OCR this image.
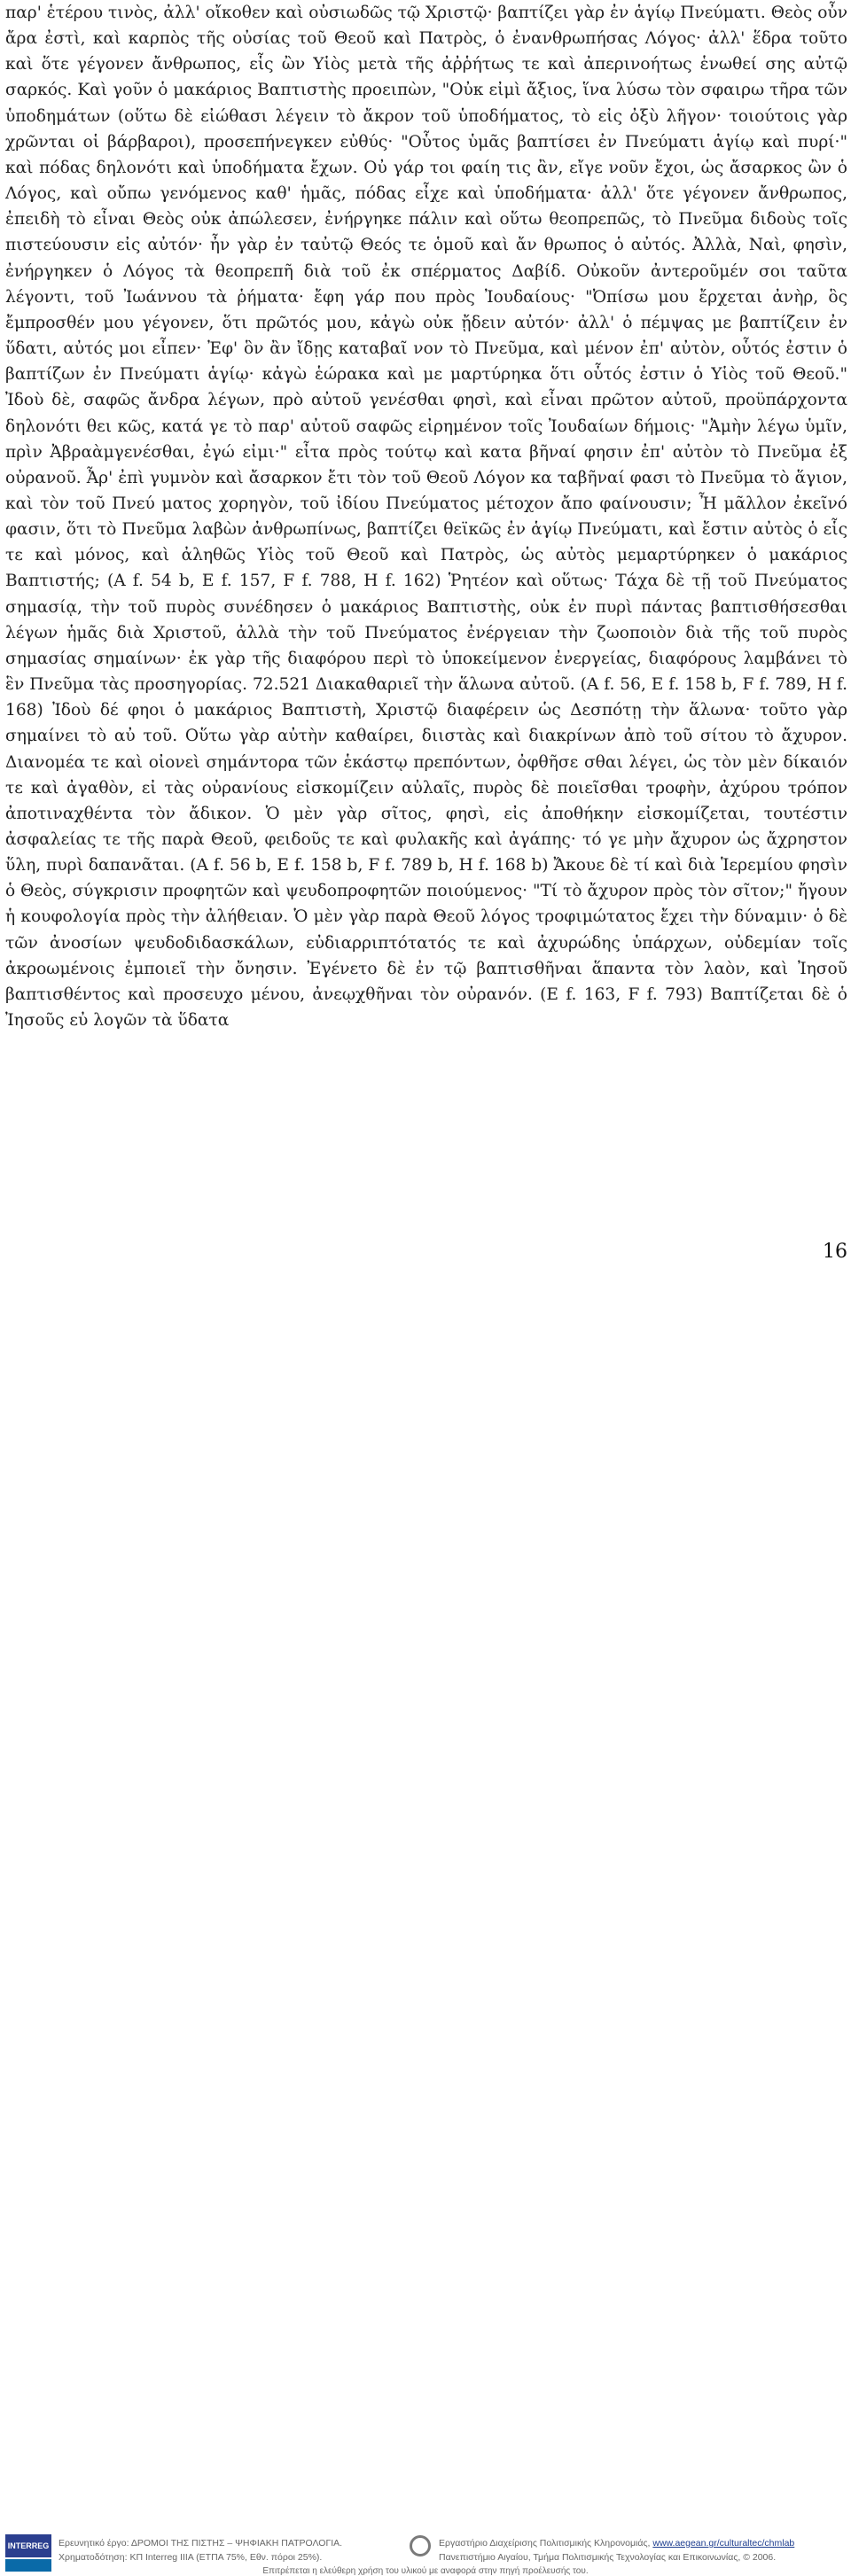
παρ' ἑτέρου τινὸς, ἀλλ' οἴκοθεν καὶ οὐσιωδῶς τῷ Χριστῷ· βαπτίζει γὰρ ἐν ἁγίῳ Πνεύματι. Θεὸς οὖν ἄρα ἐστὶ, καὶ καρπὸς τῆς οὐσίας τοῦ Θεοῦ καὶ Πατρὸς, ὁ ἐνανθρωπήσας Λόγος· ἀλλ' ἕδρα τοῦτο καὶ ὅτε γέγονεν ἄνθρωπος, εἷς ὢν Υἱὸς μετὰ τῆς ἀῤῥήτως τε καὶ ἀπερινοήτως ἑνωθεί σης αὐτῷ σαρκός. Καὶ γοῦν ὁ μακάριος Βαπτιστὴς προειπὼν, "Οὐκ εἰμὶ ἄξιος, ἵνα λύσω τὸν σφαιρω τῆρα τῶν ὑποδημάτων (οὕτω δὲ εἰώθασι λέγειν τὸ ἄκρον τοῦ ὑποδήματος, τὸ εἰς ὀξὺ λῆγον· τοιούτοις γὰρ χρῶνται οἱ βάρβαροι), προσεπήνεγκεν εὐθύς· "Οὗτος ὑμᾶς βαπτίσει ἐν Πνεύματι ἁγίῳ καὶ πυρί·" καὶ πόδας δηλονότι καὶ ὑποδήματα ἔχων. Οὐ γάρ τοι φαίη τις ἂν, εἴγε νοῦν ἔχοι, ὡς ἄσαρκος ὢν ὁ Λόγος, καὶ οὔπω γενόμενος καθ' ἡμᾶς, πόδας εἶχε καὶ ὑποδήματα· ἀλλ' ὅτε γέγονεν ἄνθρωπος, ἐπειδὴ τὸ εἶναι Θεὸς οὐκ ἀπώλεσεν, ἐνήργηκε πάλιν καὶ οὕτω θεοπρεπῶς, τὸ Πνεῦμα διδοὺς τοῖς πιστεύουσιν εἰς αὐτόν· ἦν γὰρ ἐν ταὐτῷ Θεός τε ὁμοῦ καὶ ἄν θρωπος ὁ αὐτός. Ἀλλὰ, Ναὶ, φησὶν, ἐνήργηκεν ὁ Λόγος τὰ θεοπρεπῆ διὰ τοῦ ἐκ σπέρματος Δαβίδ. Οὐκοῦν ἀντεροῦμέν σοι ταῦτα λέγοντι, τοῦ Ἰωάννου τὰ ῥήματα· ἔφη γάρ που πρὸς Ἰουδαίους· "Ὀπίσω μου ἔρχεται ἀνὴρ, ὃς ἔμπροσθέν μου γέγονεν, ὅτι πρῶτός μου, κἀγὼ οὐκ ᾔδειν αὐτόν· ἀλλ' ὁ πέμψας με βαπτίζειν ἐν ὕδατι, αὐτός μοι εἶπεν· Ἐφ' ὃν ἂν ἴδῃς καταβαῖ νον τὸ Πνεῦμα, καὶ μένον ἐπ' αὐτὸν, οὗτός ἐστιν ὁ βαπτίζων ἐν Πνεύματι ἁγίῳ· κἀγὼ ἑώρακα καὶ με μαρτύρηκα ὅτι οὗτός ἐστιν ὁ Υἱὸς τοῦ Θεοῦ." Ἰδοὺ δὲ, σαφῶς ἄνδρα λέγων, πρὸ αὐτοῦ γενέσθαι φησὶ, καὶ εἶναι πρῶτον αὐτοῦ, προϋπάρχοντα δηλονότι θει κῶς, κατά γε τὸ παρ' αὐτοῦ σαφῶς εἰρημένον τοῖς Ἰουδαίων δήμοις· "Ἀμὴν λέγω ὑμῖν, πρὶν Ἀβραὰμγενέσθαι, ἐγώ εἰμι·" εἶτα πρὸς τούτῳ καὶ κατα βῆναί φησιν ἐπ' αὐτὸν τὸ Πνεῦμα ἐξ οὐρανοῦ. Ἆρ' ἐπὶ γυμνὸν καὶ ἄσαρκον ἔτι τὸν τοῦ Θεοῦ Λόγον κα ταβῆναί φασι τὸ Πνεῦμα τὸ ἅγιον, καὶ τὸν τοῦ Πνεύ ματος χορηγὸν, τοῦ ἰδίου Πνεύματος μέτοχον ἄπο φαίνουσιν; Ἦ μᾶλλον ἐκεῖνό φασιν, ὅτι τὸ Πνεῦμα λαβὼν ἀνθρωπίνως, βαπτίζει θεϊκῶς ἐν ἁγίῳ Πνεύματι, καὶ ἔστιν αὐτὸς ὁ εἷς τε καὶ μόνος, καὶ ἀληθῶς Υἱὸς τοῦ Θεοῦ καὶ Πατρὸς, ὡς αὐτὸς μεμαρτύρηκεν ὁ μακάριος Βαπτιστής; (A f. 54 b, E f. 157, F f. 788, H f. 162) Ῥητέον καὶ οὕτως· Τάχα δὲ τῇ τοῦ Πνεύματος σημασίᾳ, τὴν τοῦ πυρὸς συνέδησεν ὁ μακάριος Βαπτιστὴς, οὐκ ἐν πυρὶ πάντας βαπτισθήσεσθαι λέγων ἡμᾶς διὰ Χριστοῦ, ἀλλὰ τὴν τοῦ Πνεύματος ἐνέργειαν τὴν ζωοποιὸν διὰ τῆς τοῦ πυρὸς σημασίας σημαίνων· ἐκ γὰρ τῆς διαφόρου περὶ τὸ ὑποκείμενον ἐνεργείας, διαφόρους λαμβάνει τὸ ἓν Πνεῦμα τὰς προσηγορίας. 72.521 Διακαθαριεῖ τὴν ἅλωνα αὐτοῦ. (A f. 56, E f. 158 b, F f. 789, H f. 168) Ἰδοὺ δέ φηοι ὁ μακάριος Βαπτιστὴ, Χριστῷ διαφέρειν ὡς Δεσπότῃ τὴν ἅλωνα· τοῦτο γὰρ σημαίνει τὸ αὐ τοῦ. Οὕτω γὰρ αὐτὴν καθαίρει, διιστὰς καὶ διακρίνων ἀπὸ τοῦ σίτου τὸ ἄχυρον. Διανομέα τε καὶ οἰονεὶ σημάντορα τῶν ἑκάστῳ πρεπόντων, ὀφθῆσε σθαι λέγει, ὡς τὸν μὲν δίκαιόν τε καὶ ἀγαθὸν, εἰ τὰς οὐρανίους εἰσκομίζειν αὐλαῖς, πυρὸς δὲ ποιεῖσθαι τροφὴν, ἀχύρου τρόπον ἀποτιναχθέντα τὸν ἄδικον. Ὁ μὲν γὰρ σῖτος, φησὶ, εἰς ἀποθήκην εἰσκομίζεται, τουτέστιν ἀσφαλείας τε τῆς παρὰ Θεοῦ, φειδοῦς τε καὶ φυλακῆς καὶ ἀγάπης· τό γε μὴν ἄχυρον ὡς ἄχρηστον ὕλη, πυρὶ δαπανᾶται. (A f. 56 b, E f. 158 b, F f. 789 b, H f. 168 b) Ἄκουε δὲ τί καὶ διὰ Ἱερεμίου φησὶν ὁ Θεὸς, σύγκρισιν προφητῶν καὶ ψευδοπροφητῶν ποιούμενος· "Τί τὸ ἄχυρον πρὸς τὸν σῖτον;" ἤγουν ἡ κουφολογία πρὸς τὴν ἀλήθειαν. Ὁ μὲν γὰρ παρὰ Θεοῦ λόγος τροφιμώτατος ἔχει τὴν δύναμιν· ὁ δὲ τῶν ἀνοσίων ψευδοδιδασκάλων, εὐδιαρριπτότατός τε καὶ ἀχυρώδης ὑπάρχων, οὐδεμίαν τοῖς ἀκροωμένοις ἐμποιεῖ τὴν ὄνησιν. Ἐγένετο δὲ ἐν τῷ βαπτισθῆναι ἅπαντα τὸν λαὸν, καὶ Ἰησοῦ βαπτισθέντος καὶ προσευχο μένου, ἀνεῳχθῆναι τὸν οὐρανόν. (E f. 163, F f. 793) Βαπτίζεται δὲ ὁ Ἰησοῦς εὐ λογῶν τὰ ὕδατα
16
INTERREG Ερευνητικό έργο: ΔΡΟΜΟΙ ΤΗΣ ΠΙΣΤΗΣ – ΨΗΦΙΑΚΗ ΠΑΤΡΟΛΟΓΙΑ.
Χρηματοδότηση: ΚΠ Interreg IIIA (ΕΤΠΑ 75%, Εθν. πόροι 25%).
Εργαστήριο Διαχείρισης Πολιτισμικής Κληρονομιάς, www.aegean.gr/culturaltec/chmlab
Πανεπιστήμιο Αιγαίου, Τμήμα Πολιτισμικής Τεχνολογίας και Επικοινωνίας, © 2006.
Επιτρέπεται η ελεύθερη χρήση του υλικού με αναφορά στην πηγή προέλευσής του.
